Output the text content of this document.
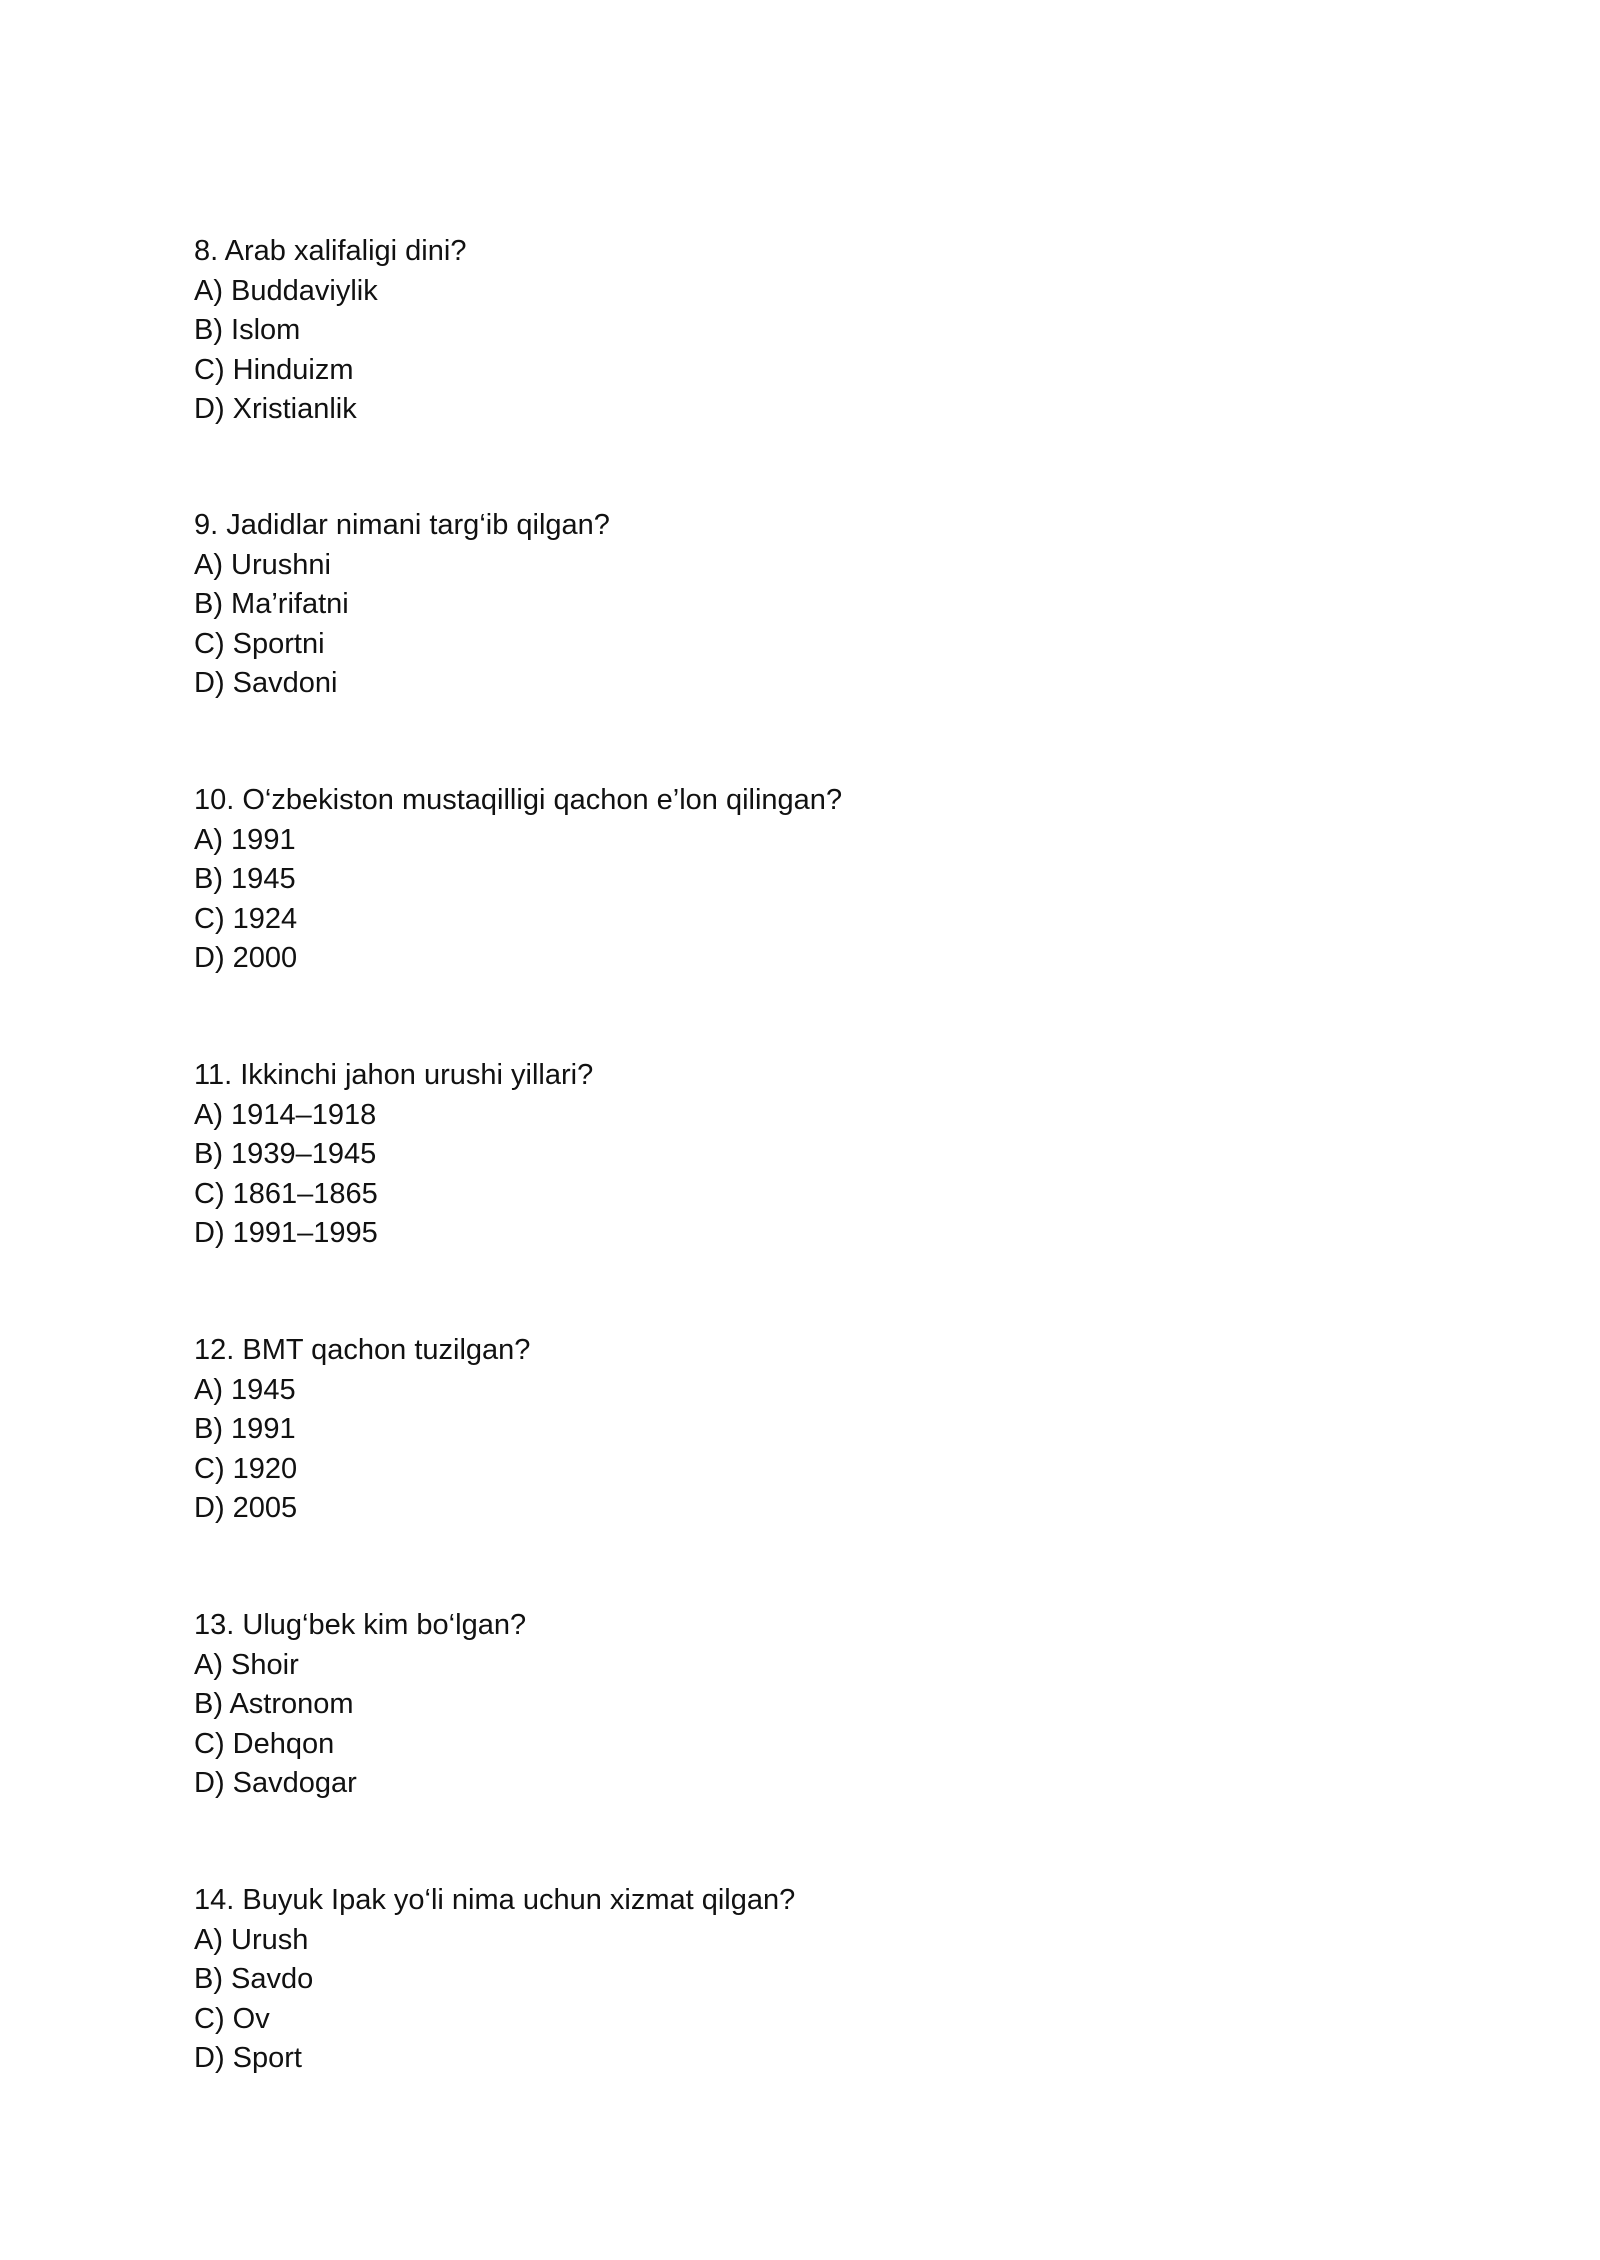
8. Arab xalifaligi dini?
A) Buddaviylik
B) Islom
C) Hinduizm
D) Xristianlik
9. Jadidlar nimani targ‘ib qilgan?
A) Urushni
B) Ma’rifatni
C) Sportni
D) Savdoni
10. O‘zbekiston mustaqilligi qachon e’lon qilingan?
A) 1991
B) 1945
C) 1924
D) 2000
11. Ikkinchi jahon urushi yillari?
A) 1914–1918
B) 1939–1945
C) 1861–1865
D) 1991–1995
12. BMT qachon tuzilgan?
A) 1945
B) 1991
C) 1920
D) 2005
13. Ulug‘bek kim bo‘lgan?
A) Shoir
B) Astronom
C) Dehqon
D) Savdogar
14. Buyuk Ipak yo‘li nima uchun xizmat qilgan?
A) Urush
B) Savdo
C) Ov
D) Sport
